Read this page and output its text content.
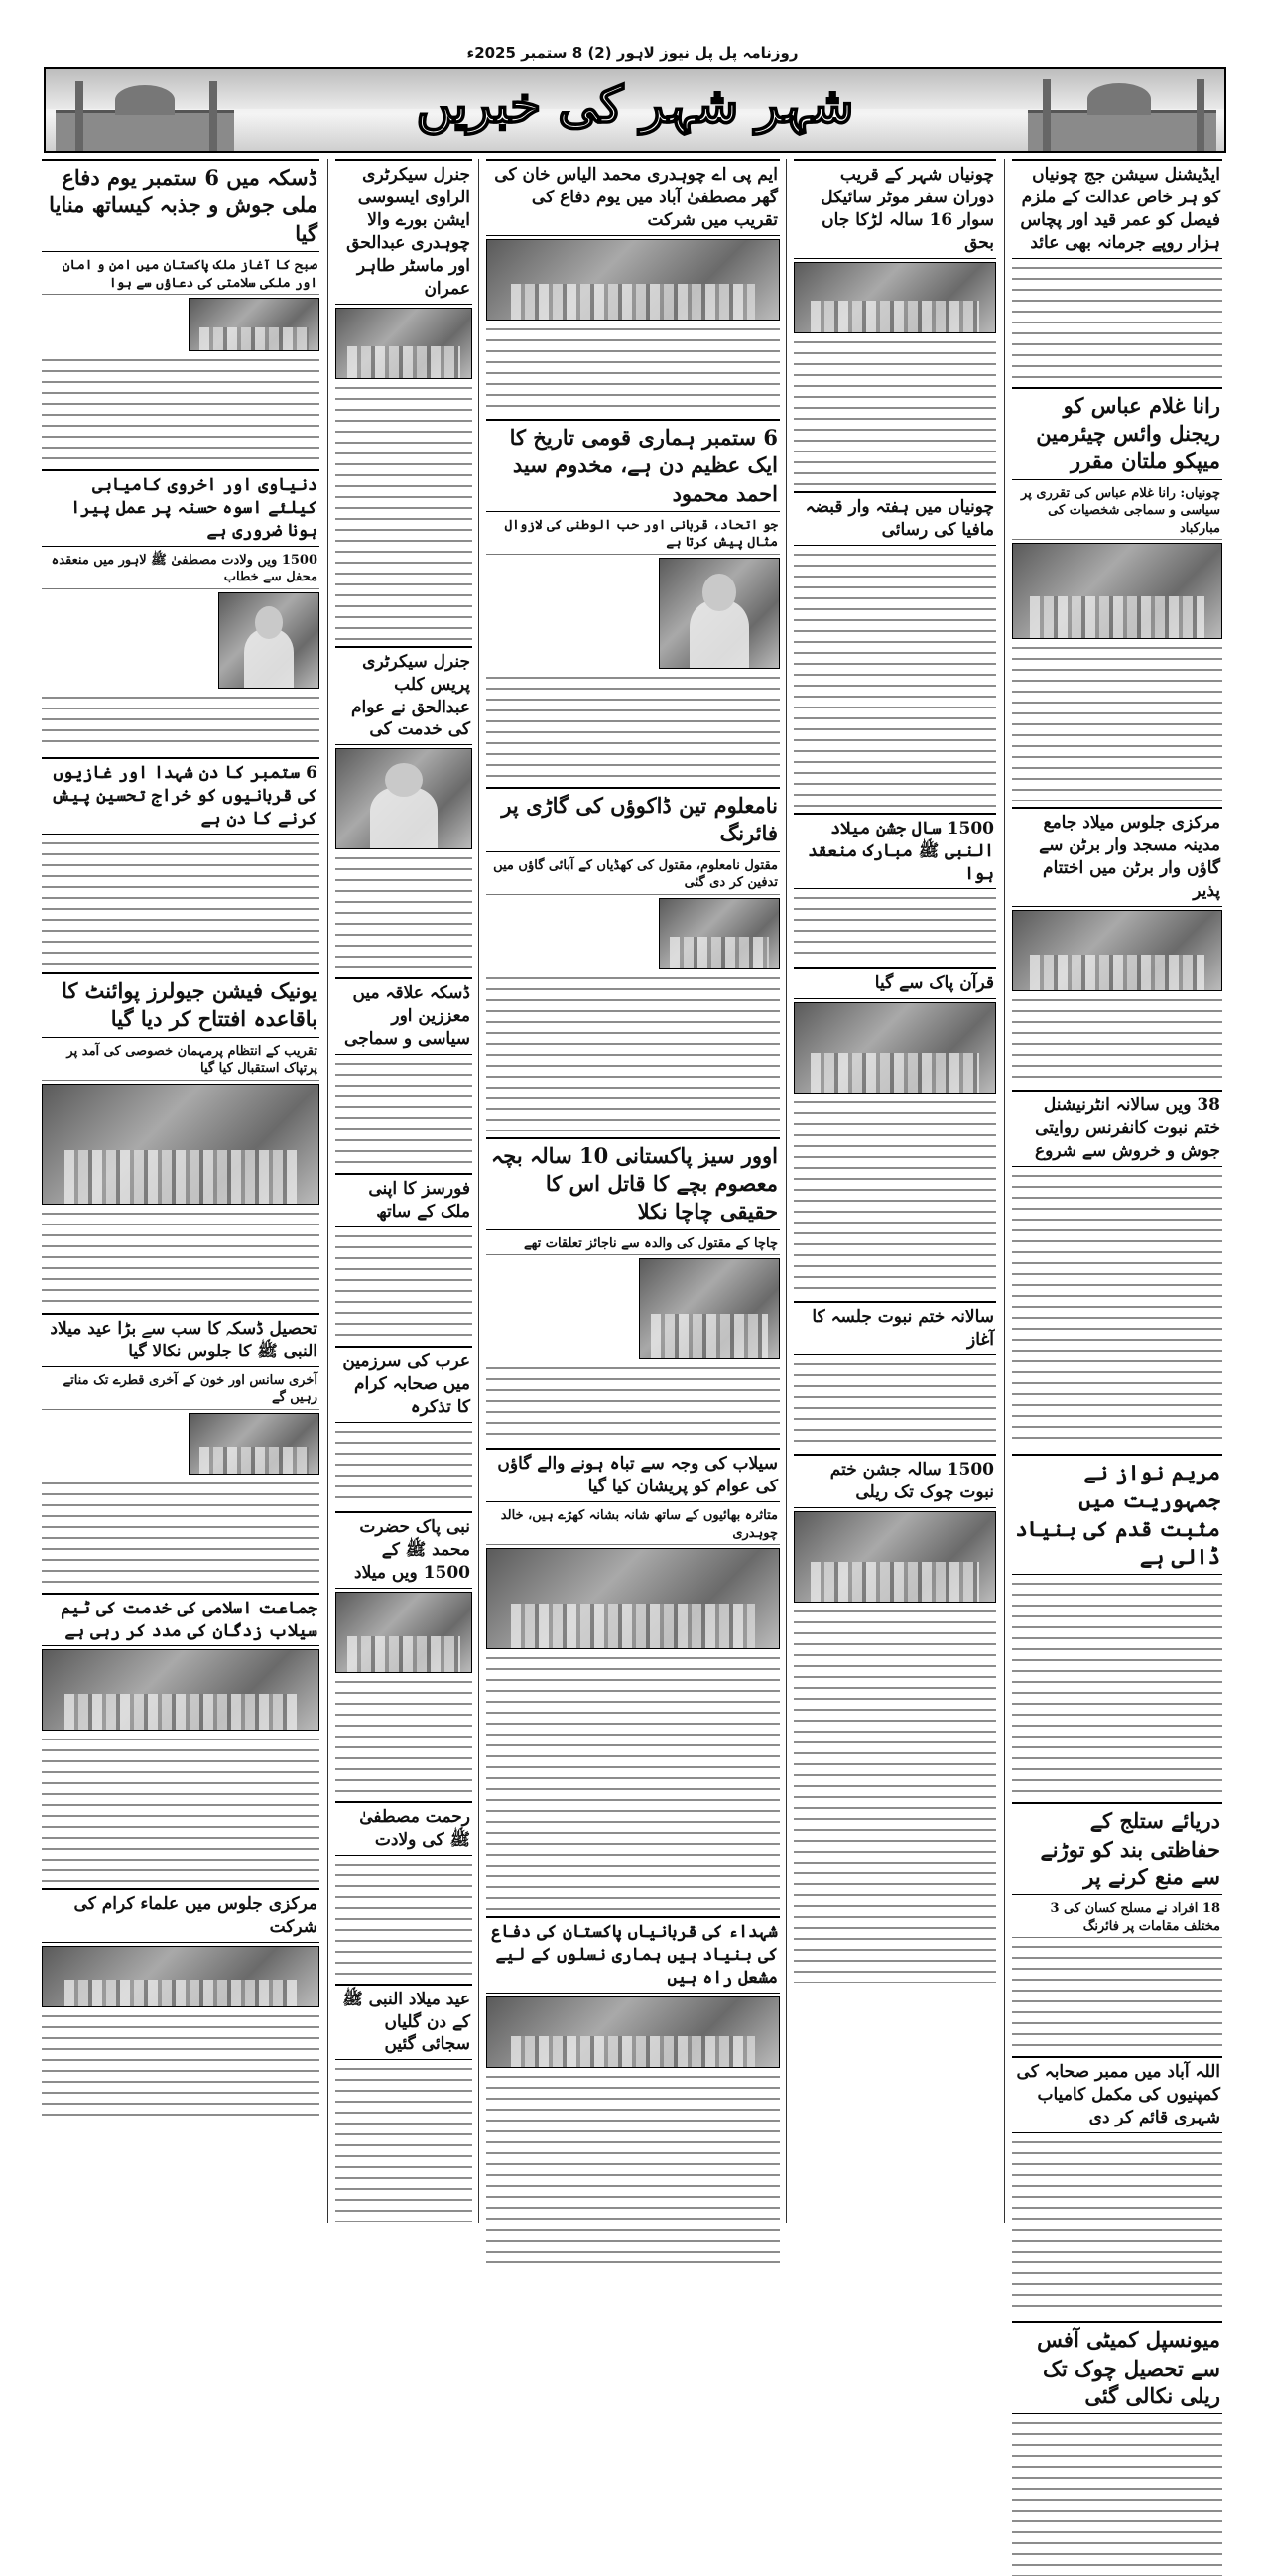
روزنامہ پل پل نیوز لاہور (2) 8 ستمبر 2025ء
شہر شہر کی خبریں
ایڈیشنل سیشن جج چونیاں کو ہر خاص عدالت کے ملزم فیصل کو عمر قید اور پچاس ہزار روپے جرمانہ بھی عائد
رانا غلام عباس کو ریجنل وائس چیئرمین میپکو ملتان مقرر
چونیاں: رانا غلام عباس کی تقرری پر سیاسی و سماجی شخصیات کی مبارکباد
مرکزی جلوس میلاد جامع مدینہ مسجد وار برٹن سے گاؤں وار برٹن میں اختتام پذیر
38 ویں سالانہ انٹرنیشنل ختم نبوت کانفرنس روایتی جوش و خروش سے شروع
مریم نواز نے جمہوریت میں مثبت قدم کی بنیاد ڈالی ہے
دریائے ستلج کے حفاظتی بند کو توڑنے سے منع کرنے پر
18 افراد نے مسلح کسان کی 3 مختلف مقامات پر فائرنگ
اللہ آباد میں ممبر صحابہ کی کمپنیوں کی مکمل کامیاب شہری قائم کر دی
میونسپل کمیٹی آفس سے تحصیل چوک تک ریلی نکالی گئی
چونیاں شہر کے قریب دوران سفر موٹر سائیکل سوار 16 سالہ لڑکا جاں بحق
چونیاں میں ہفتہ وار قبضہ مافیا کی رسائی
1500 سال جشن میلاد النبی ﷺ مبارک منعقد ہوا
قرآن پاک سے گیا
سالانہ ختم نبوت جلسہ کا آغاز
1500 سالہ جشن ختم نبوت چوک تک ریلی
ایم پی اے چوہدری محمد الیاس خان کی گھر مصطفیٰ آباد میں یوم دفاع کی تقریب میں شرکت
6 ستمبر ہماری قومی تاریخ کا ایک عظیم دن ہے، مخدوم سید احمد محمود
جو اتحاد، قربانی اور حب الوطنی کی لازوال مثال پیش کرتا ہے
نامعلوم تین ڈاکوؤں کی گاڑی پر فائرنگ
مقتول نامعلوم، مقتول کی کھڈیاں کے آبائی گاؤں میں تدفین کر دی گئی
اوور سیز پاکستانی 10 سالہ بچہ معصوم بچے کا قاتل اس کا حقیقی چاچا نکلا
چاچا کے مقتول کی والدہ سے ناجائز تعلقات تھے
سیلاب کی وجہ سے تباہ ہونے والے گاؤں کی عوام کو پریشان کیا گیا
متاثرہ بھائیوں کے ساتھ شانہ بشانہ کھڑے ہیں، خالد چوہدری
شہداء کی قربانیاں پاکستان کی دفاع کی بنیاد ہیں ہماری نسلوں کے لیے مشعل راہ ہیں
جنرل سیکرٹری الراوی ایسوسی ایشن بورے والا چوہدری عبدالحق اور ماسٹر طاہر عمران
جنرل سیکرٹری پریس کلب عبدالحق نے عوام کی خدمت کی
ڈسکہ علاقہ میں معززین اور سیاسی و سماجی
فورسز کا اپنی ملک کے ساتھ
عرب کی سرزمین میں صحابہ کرام کا تذکرہ
نبی پاک حضرت محمد ﷺ کے 1500 ویں میلاد
رحمت مصطفیٰ ﷺ کی ولادت
عید میلاد النبی ﷺ کے دن گلیاں سجائی گئیں
ڈسکہ میں 6 ستمبر یوم دفاع ملی جوش و جذبہ کیساتھ منایا گیا
صبح کا آغاز ملک پاکستان میں امن و امان اور ملکی سلامتی کی دعاؤں سے ہوا
دنیاوی اور اخروی کامیابی کیلئے اسوہ حسنہ پر عمل پیرا ہونا ضروری ہے
1500 ویں ولادت مصطفیٰ ﷺ لاہور میں منعقدہ محفل سے خطاب
6 ستمبر کا دن شہدا اور غازیوں کی قربانیوں کو خراج تحسین پیش کرنے کا دن ہے
یونیک فیشن جیولرز پوائنٹ کا باقاعدہ افتتاح کر دیا گیا
تقریب کے انتظام پرمہمان خصوصی کی آمد پر پرتپاک استقبال کیا گیا
تحصیل ڈسکہ کا سب سے بڑا عید میلاد النبی ﷺ کا جلوس نکالا گیا
آخری سانس اور خون کے آخری قطرے تک مناتے رہیں گے
جماعت اسلامی کی خدمت کی ٹیم سیلاب زدگان کی مدد کر رہی ہے
مرکزی جلوس میں علماء کرام کی شرکت
